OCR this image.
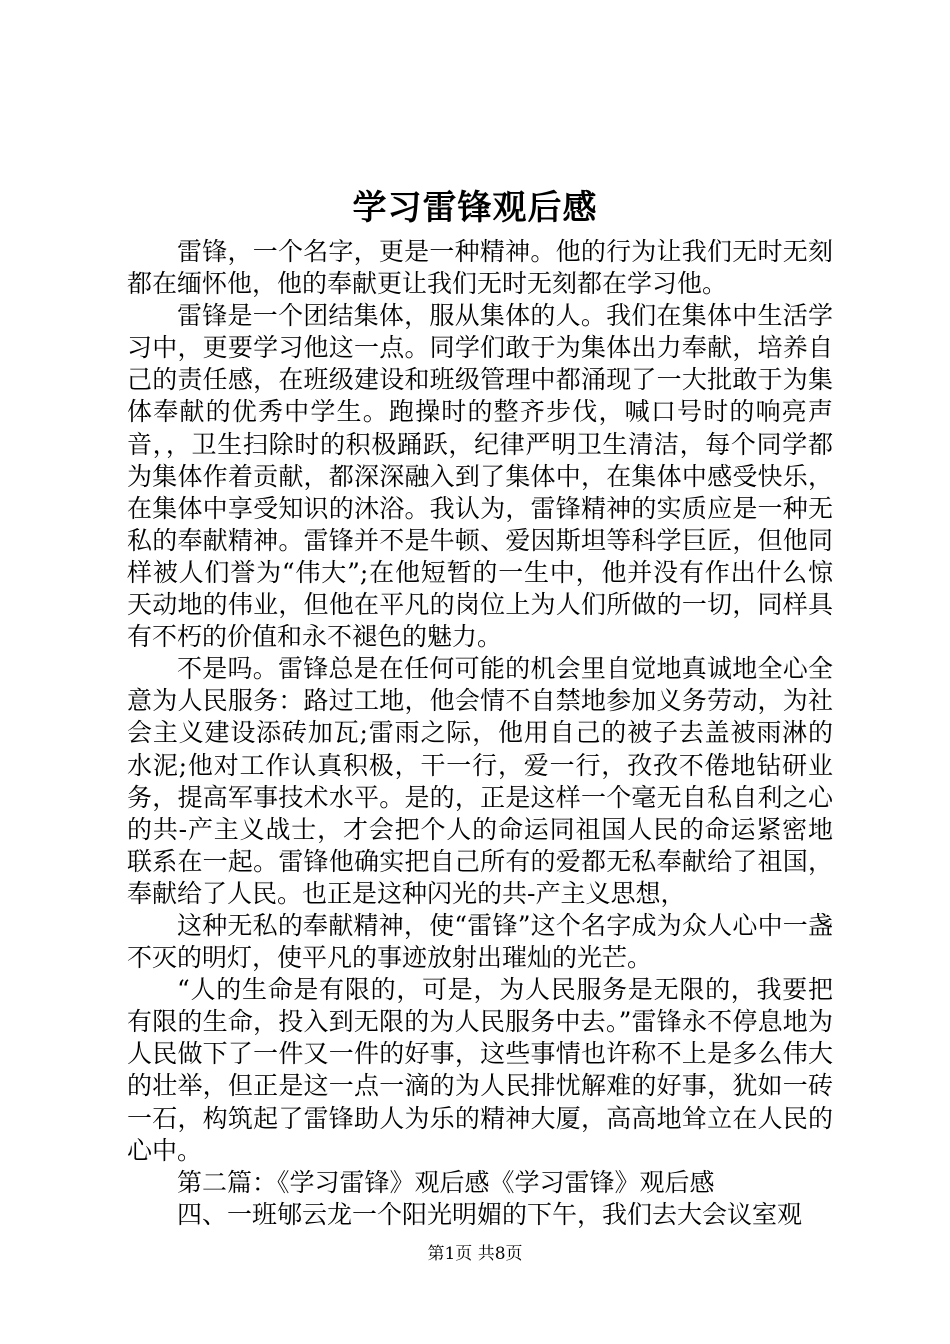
学习雷锋观后感

雷锋，一个名字，更是一种精神。他的行为让我们无时无刻都在缅怀他，他的奉献更让我们无时无刻都在学习他。

雷锋是一个团结集体，服从集体的人。我们在集体中生活学习中，更要学习他这一点。同学们敢于为集体出力奉献，培养自己的责任感，在班级建设和班级管理中都涌现了一大批敢于为集体奉献的优秀中学生。跑操时的整齐步伐，喊口号时的响亮声音，，卫生扫除时的积极踊跃，纪律严明卫生清洁，每个同学都为集体作着贡献，都深深融入到了集体中，在集体中感受快乐，在集体中享受知识的沐浴。我认为，雷锋精神的实质应是一种无私的奉献精神。雷锋并不是牛顿、爱因斯坦等科学巨匠，但他同样被人们誉为“伟大”;在他短暂的一生中，他并没有作出什么惊天动地的伟业，但他在平凡的岗位上为人们所做的一切，同样具有不朽的价值和永不褪色的魅力。

不是吗。雷锋总是在任何可能的机会里自觉地真诚地全心全意为人民服务：路过工地，他会情不自禁地参加义务劳动，为社会主义建设添砖加瓦;雷雨之际，他用自己的被子去盖被雨淋的水泥;他对工作认真积极，干一行，爱一行，孜孜不倦地钻研业务，提高军事技术水平。是的，正是这样一个毫无自私自利之心的共-产主义战士，才会把个人的命运同祖国人民的命运紧密地联系在一起。雷锋他确实把自己所有的爱都无私奉献给了祖国，奉献给了人民。也正是这种闪光的共-产主义思想，

这种无私的奉献精神，使“雷锋”这个名字成为众人心中一盏不灭的明灯，使平凡的事迹放射出璀灿的光芒。

“人的生命是有限的，可是，为人民服务是无限的，我要把有限的生命，投入到无限的为人民服务中去。”雷锋永不停息地为人民做下了一件又一件的好事，这些事情也许称不上是多么伟大的壮举，但正是这一点一滴的为人民排忧解难的好事，犹如一砖一石，构筑起了雷锋助人为乐的精神大厦，高高地耸立在人民的心中。

第二篇：《学习雷锋》观后感《学习雷锋》观后感

四、一班郇云龙一个阳光明媚的下午，我们去大会议室观

第1页 共8页
